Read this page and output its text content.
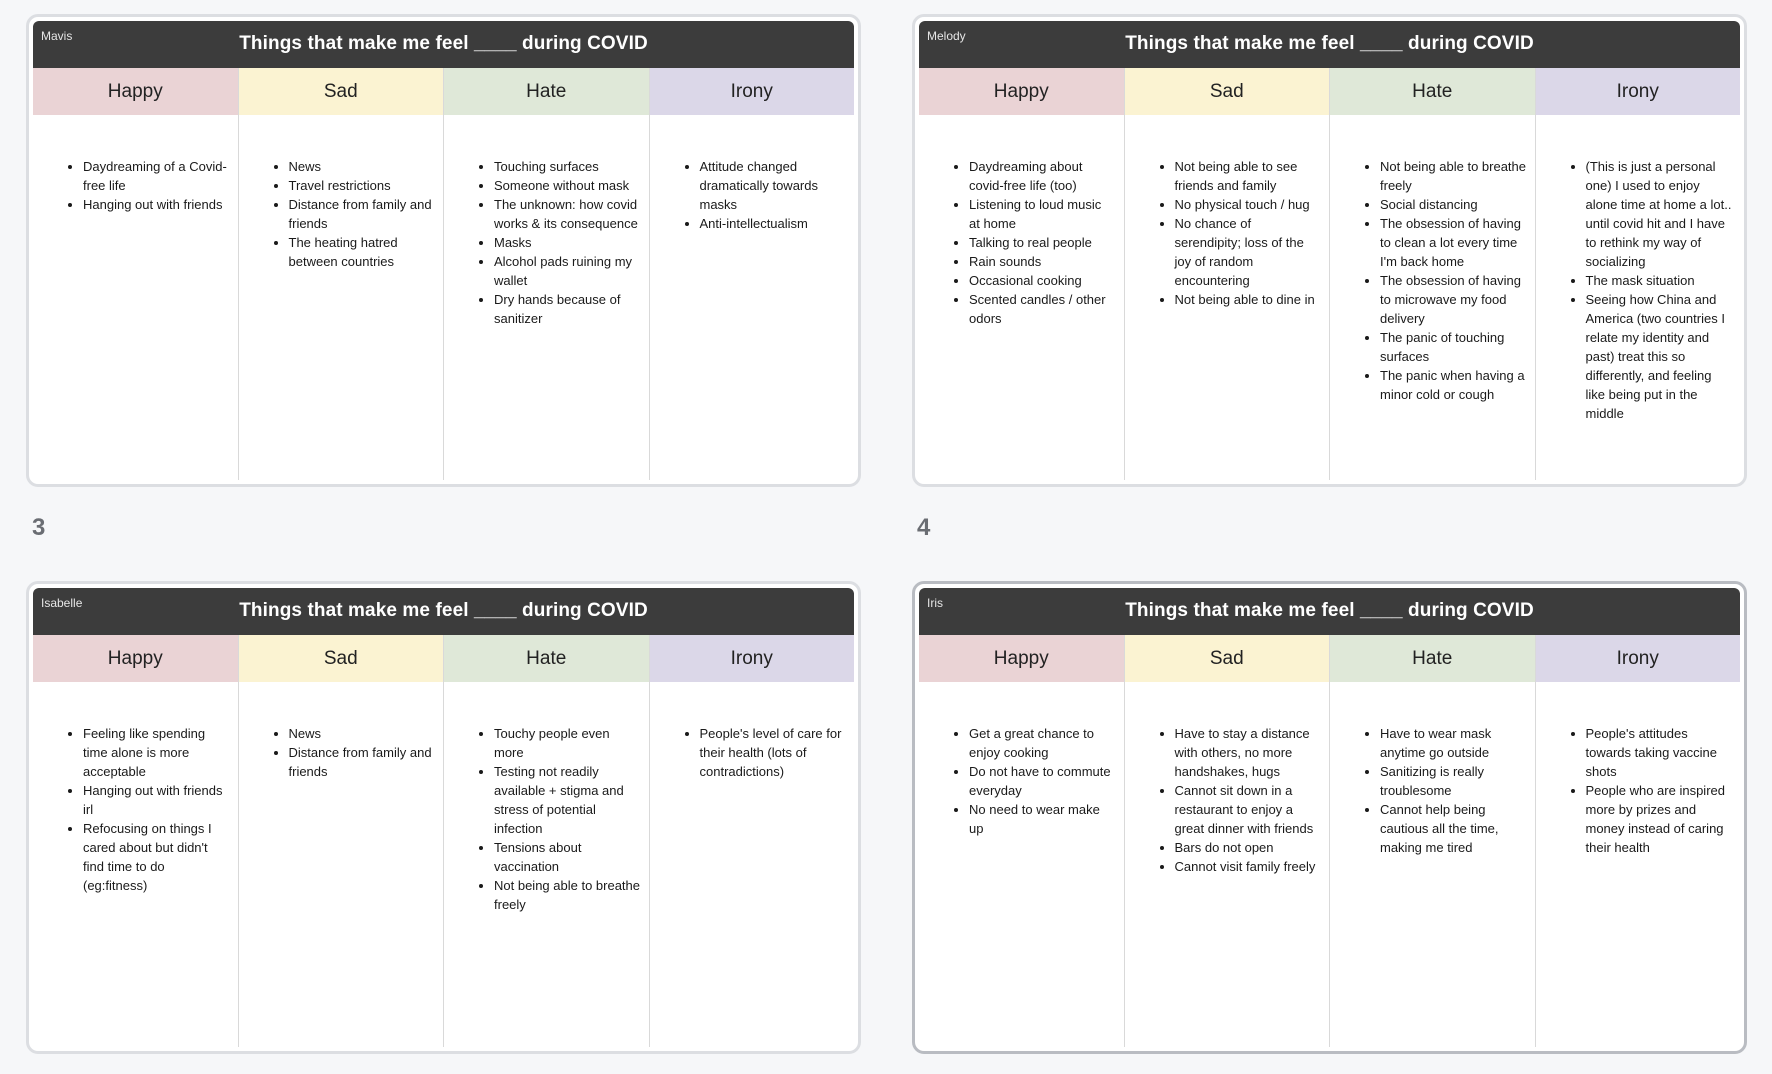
Mavis	Things that make me feel ____ during COVID
Happy
• Daydreaming of a Covid-free life
• Hanging out with friends
Sad
• News
• Travel restrictions
• Distance from family and friends
• The heating hatred between countries
Hate
• Touching surfaces
• Someone without mask
• The unknown: how covid works & its consequence
• Masks
• Alcohol pads ruining my wallet
• Dry hands because of sanitizer
Irony
• Attitude changed dramatically towards masks
• Anti-intellectualism
Melody	Things that make me feel ____ during COVID
Happy
• Daydreaming about covid-free life (too)
• Listening to loud music at home
• Talking to real people
• Rain sounds
• Occasional cooking
• Scented candles / other odors
Sad
• Not being able to see friends and family
• No physical touch / hug
• No chance of serendipity; loss of the joy of random encountering
• Not being able to dine in
Hate
• Not being able to breathe freely
• Social distancing
• The obsession of having to clean a lot every time I'm back home
• The obsession of having to microwave my food delivery
• The panic of touching surfaces
• The panic when having a minor cold or cough
Irony
• (This is just a personal one) I used to enjoy alone time at home a lot.. until covid hit and I have to rethink my way of socializing
• The mask situation
• Seeing how China and America (two countries I relate my identity and past) treat this so differently, and feeling like being put in the middle
3	4
Isabelle	Things that make me feel ____ during COVID
Happy
• Feeling like spending time alone is more acceptable
• Hanging out with friends irl
• Refocusing on things I cared about but didn't find time to do (eg:fitness)
Sad
• News
• Distance from family and friends
Hate
• Touchy people even more
• Testing not readily available + stigma and stress of potential infection
• Tensions about vaccination
• Not being able to breathe freely
Irony
• People's level of care for their health (lots of contradictions)
Iris	Things that make me feel ____ during COVID
Happy
• Get a great chance to enjoy cooking
• Do not have to commute everyday
• No need to wear make up
Sad
• Have to stay a distance with others, no more handshakes, hugs
• Cannot sit down in a restaurant to enjoy a great dinner with friends
• Bars do not open
• Cannot visit family freely
Hate
• Have to wear mask anytime go outside
• Sanitizing is really troublesome
• Cannot help being cautious all the time, making me tired
Irony
• People's attitudes towards taking vaccine shots
• People who are inspired more by prizes and money instead of caring their health
